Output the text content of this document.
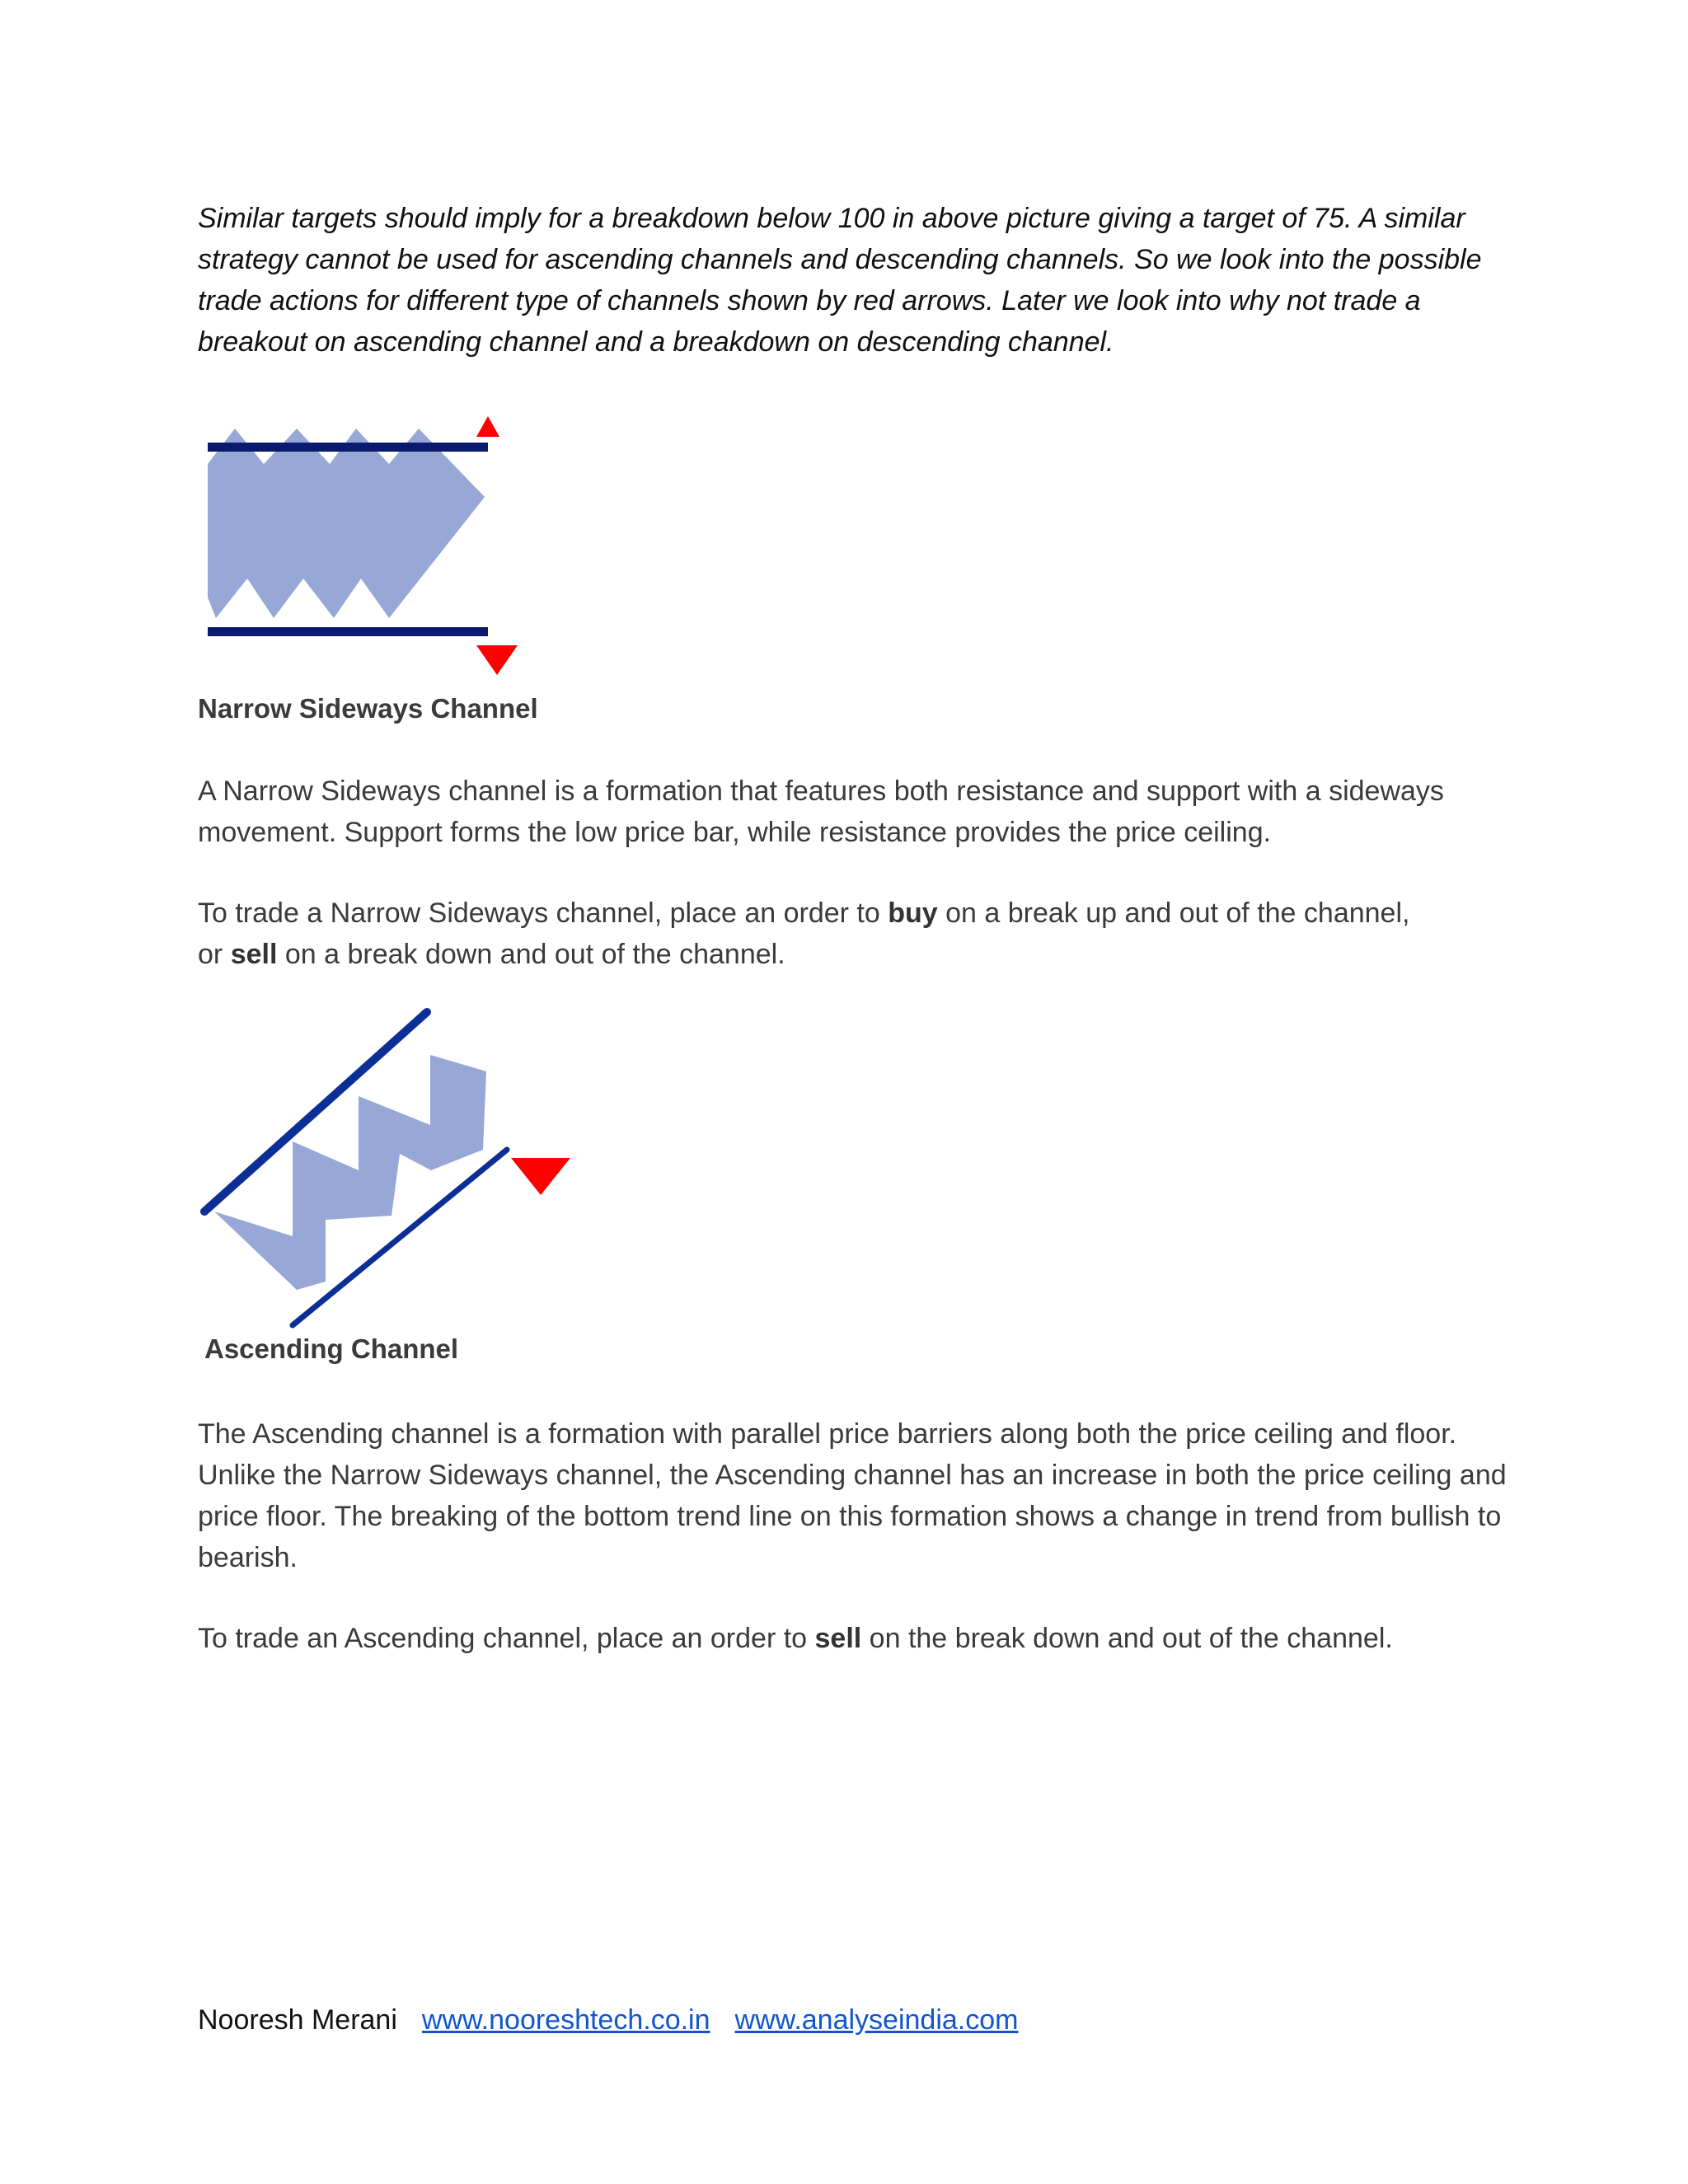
Similar targets should imply for a breakdown below 100 in above picture giving a target of 75. A similar strategy cannot be used for ascending channels and descending channels. So we look into the possible trade actions for different type of channels shown by red arrows. Later we look into why not trade a breakout on ascending channel and a breakdown on descending channel.

Narrow Sideways Channel

A Narrow Sideways channel is a formation that features both resistance and support with a sideways movement. Support forms the low price bar, while resistance provides the price ceiling.

To trade a Narrow Sideways channel, place an order to buy on a break up and out of the channel,
or sell on a break down and out of the channel.

Ascending Channel

The Ascending channel is a formation with parallel price barriers along both the price ceiling and floor. Unlike the Narrow Sideways channel, the Ascending channel has an increase in both the price ceiling and price floor. The breaking of the bottom trend line on this formation shows a change in trend from bullish to bearish.

To trade an Ascending channel, place an order to sell on the break down and out of the channel.

Nooresh Merani www.nooreshtech.co.in www.analyseindia.com
